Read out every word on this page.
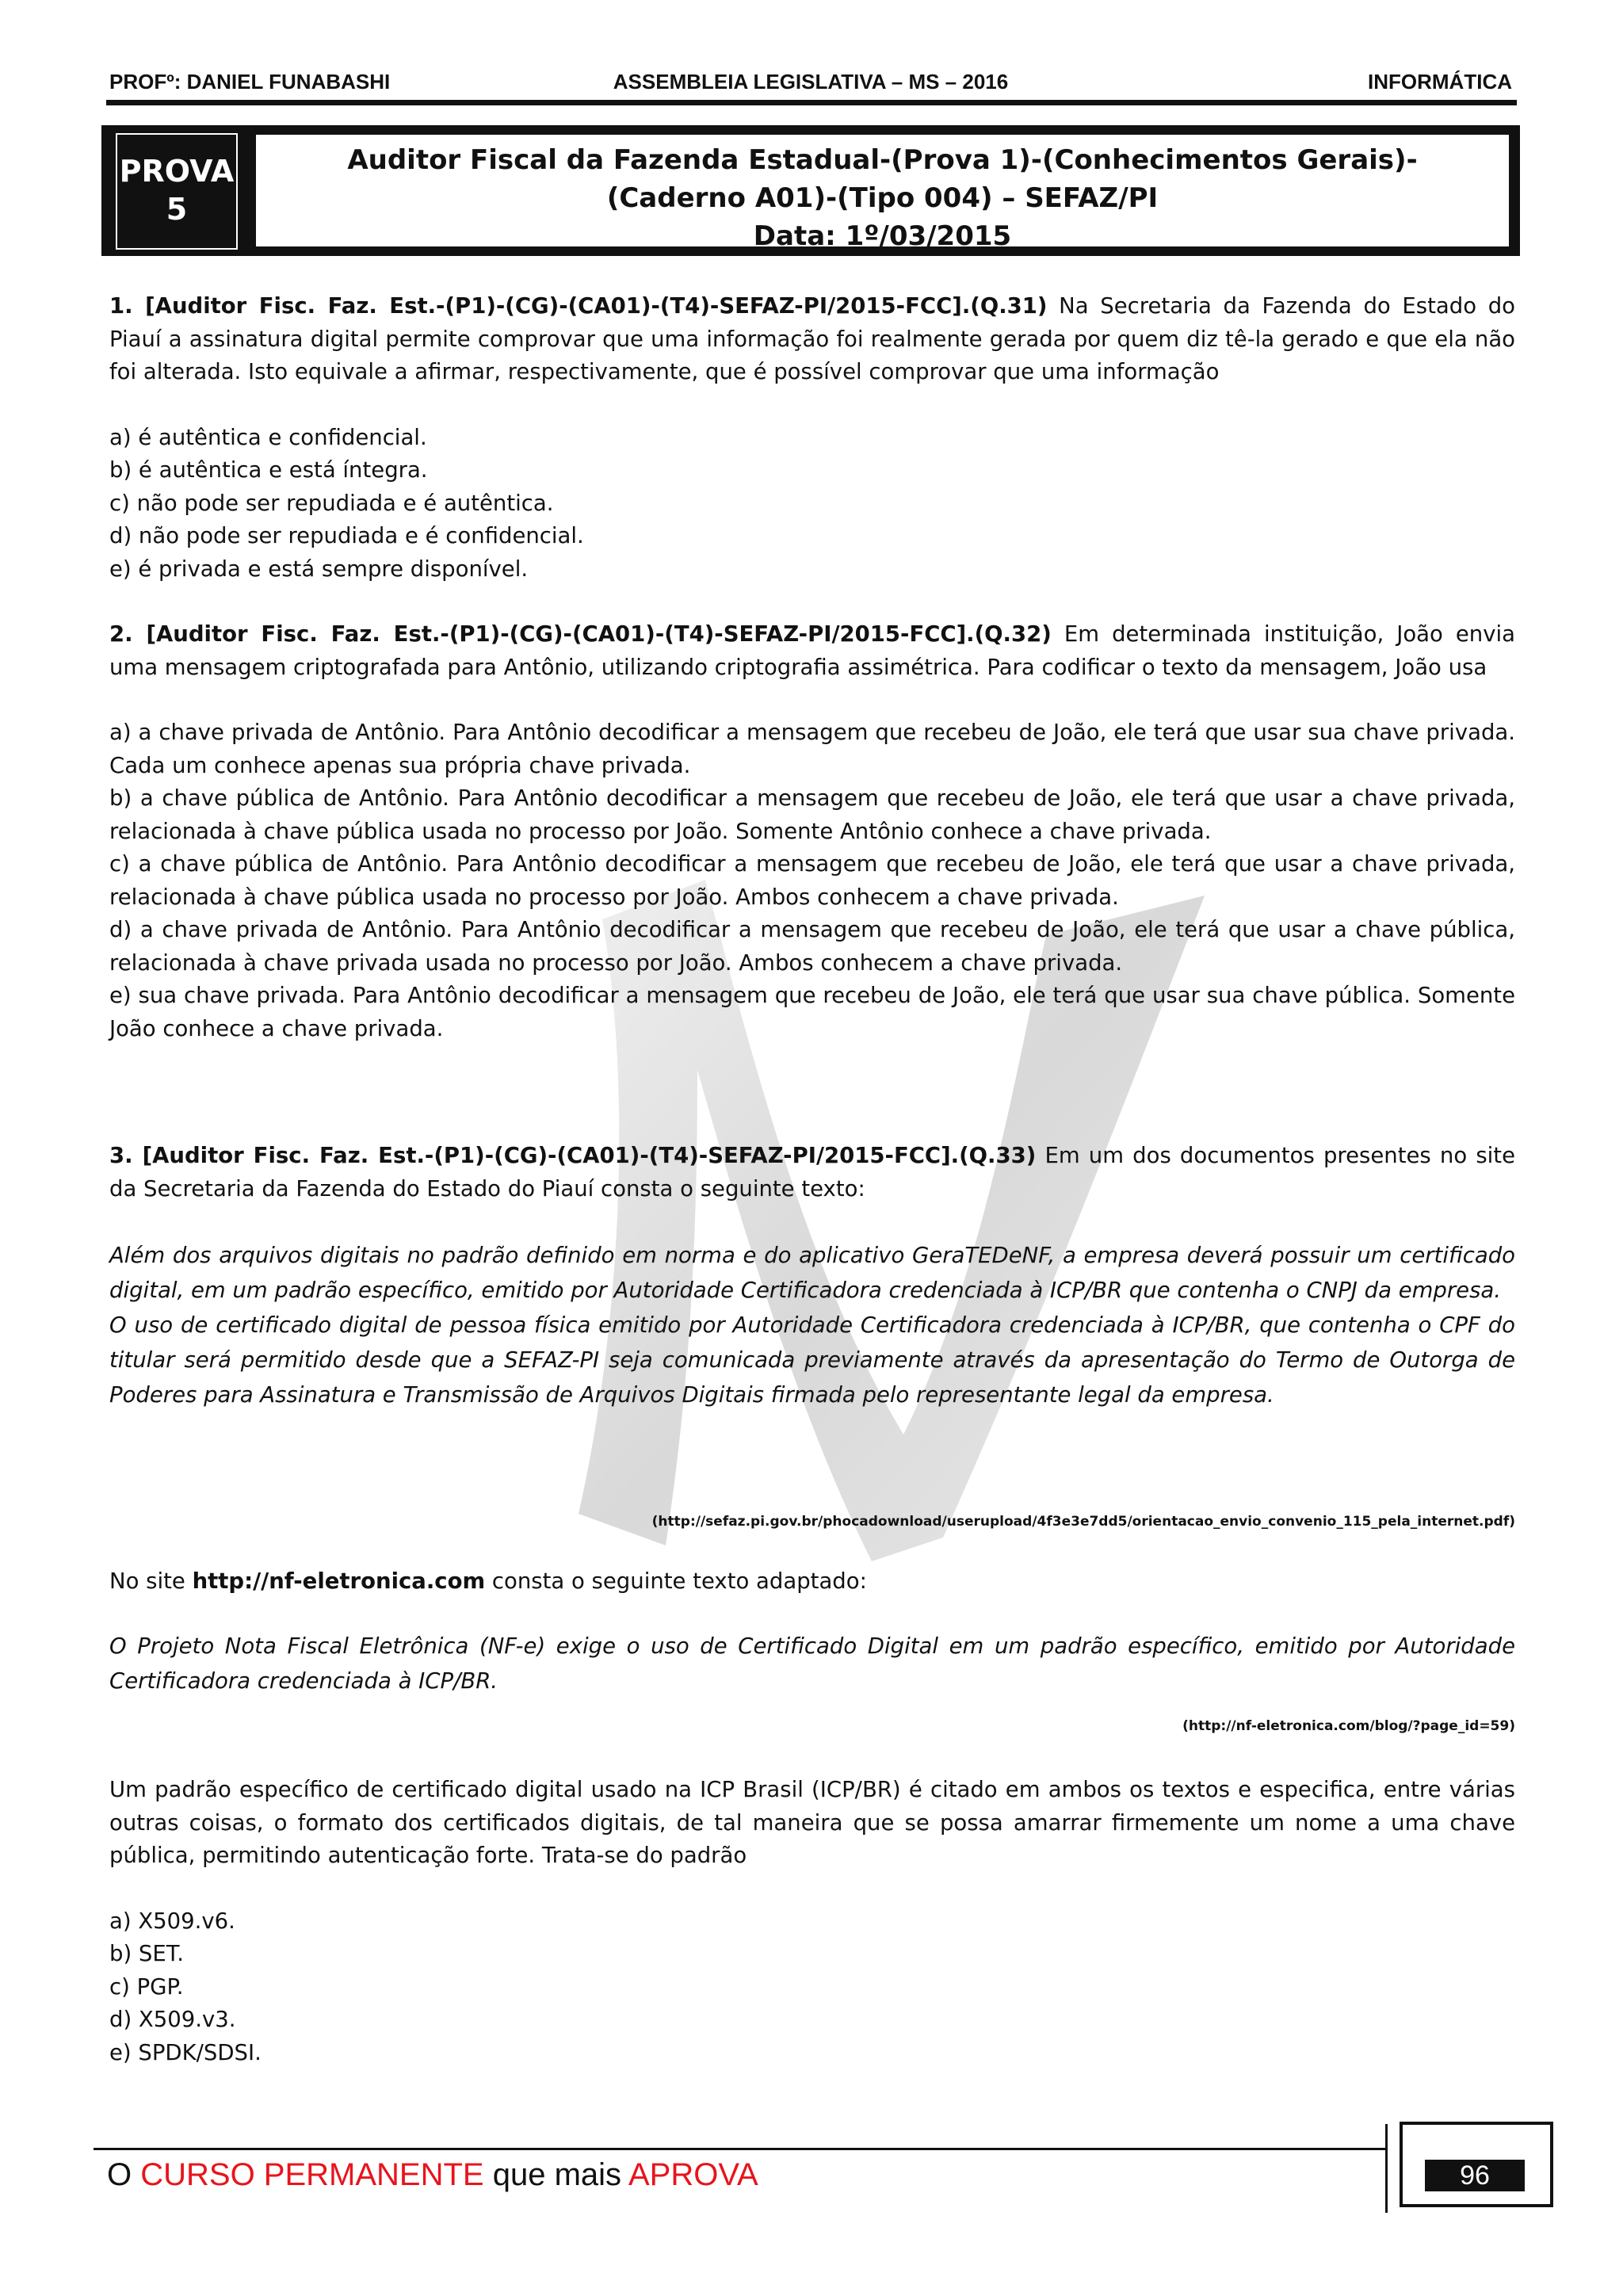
PROFº: DANIEL FUNABASHI	ASSEMBLEIA LEGISLATIVA – MS – 2016	INFORMÁTICA
PROVA
5
Auditor Fiscal da Fazenda Estadual-(Prova 1)-(Conhecimentos Gerais)-
(Caderno A01)-(Tipo 004) – SEFAZ/PI
Data: 1º/03/2015
1. [Auditor Fisc. Faz. Est.-(P1)-(CG)-(CA01)-(T4)-SEFAZ-PI/2015-FCC].(Q.31) Na Secretaria da Fazenda do Estado do Piauí a assinatura digital permite comprovar que uma informação foi realmente gerada por quem diz tê-la gerado e que ela não foi alterada. Isto equivale a afirmar, respectivamente, que é possível comprovar que uma informação
a) é autêntica e confidencial.
b) é autêntica e está íntegra.
c) não pode ser repudiada e é autêntica.
d) não pode ser repudiada e é confidencial.
e) é privada e está sempre disponível.
2. [Auditor Fisc. Faz. Est.-(P1)-(CG)-(CA01)-(T4)-SEFAZ-PI/2015-FCC].(Q.32) Em determinada instituição, João envia uma mensagem criptografada para Antônio, utilizando criptografia assimétrica. Para codificar o texto da mensagem, João usa
a) a chave privada de Antônio. Para Antônio decodificar a mensagem que recebeu de João, ele terá que usar sua chave privada. Cada um conhece apenas sua própria chave privada.
b) a chave pública de Antônio. Para Antônio decodificar a mensagem que recebeu de João, ele terá que usar a chave privada, relacionada à chave pública usada no processo por João. Somente Antônio conhece a chave privada.
c) a chave pública de Antônio. Para Antônio decodificar a mensagem que recebeu de João, ele terá que usar a chave privada, relacionada à chave pública usada no processo por João. Ambos conhecem a chave privada.
d) a chave privada de Antônio. Para Antônio decodificar a mensagem que recebeu de João, ele terá que usar a chave pública, relacionada à chave privada usada no processo por João. Ambos conhecem a chave privada.
e) sua chave privada. Para Antônio decodificar a mensagem que recebeu de João, ele terá que usar sua chave pública. Somente João conhece a chave privada.
3. [Auditor Fisc. Faz. Est.-(P1)-(CG)-(CA01)-(T4)-SEFAZ-PI/2015-FCC].(Q.33) Em um dos documentos presentes no site da Secretaria da Fazenda do Estado do Piauí consta o seguinte texto:
Além dos arquivos digitais no padrão definido em norma e do aplicativo GeraTEDeNF, a empresa deverá possuir um certificado digital, em um padrão específico, emitido por Autoridade Certificadora credenciada à ICP/BR que contenha o CNPJ da empresa.
O uso de certificado digital de pessoa física emitido por Autoridade Certificadora credenciada à ICP/BR, que contenha o CPF do titular será permitido desde que a SEFAZ-PI seja comunicada previamente através da apresentação do Termo de Outorga de Poderes para Assinatura e Transmissão de Arquivos Digitais firmada pelo representante legal da empresa.
(http://sefaz.pi.gov.br/phocadownload/userupload/4f3e3e7dd5/orientacao_envio_convenio_115_pela_internet.pdf)
No site http://nf-eletronica.com consta o seguinte texto adaptado:
O Projeto Nota Fiscal Eletrônica (NF-e) exige o uso de Certificado Digital em um padrão específico, emitido por Autoridade Certificadora credenciada à ICP/BR.
(http://nf-eletronica.com/blog/?page_id=59)
Um padrão específico de certificado digital usado na ICP Brasil (ICP/BR) é citado em ambos os textos e especifica, entre várias outras coisas, o formato dos certificados digitais, de tal maneira que se possa amarrar firmemente um nome a uma chave pública, permitindo autenticação forte. Trata-se do padrão
a) X509.v6.
b) SET.
c) PGP.
d) X509.v3.
e) SPDK/SDSI.
O CURSO PERMANENTE que mais APROVA	96
